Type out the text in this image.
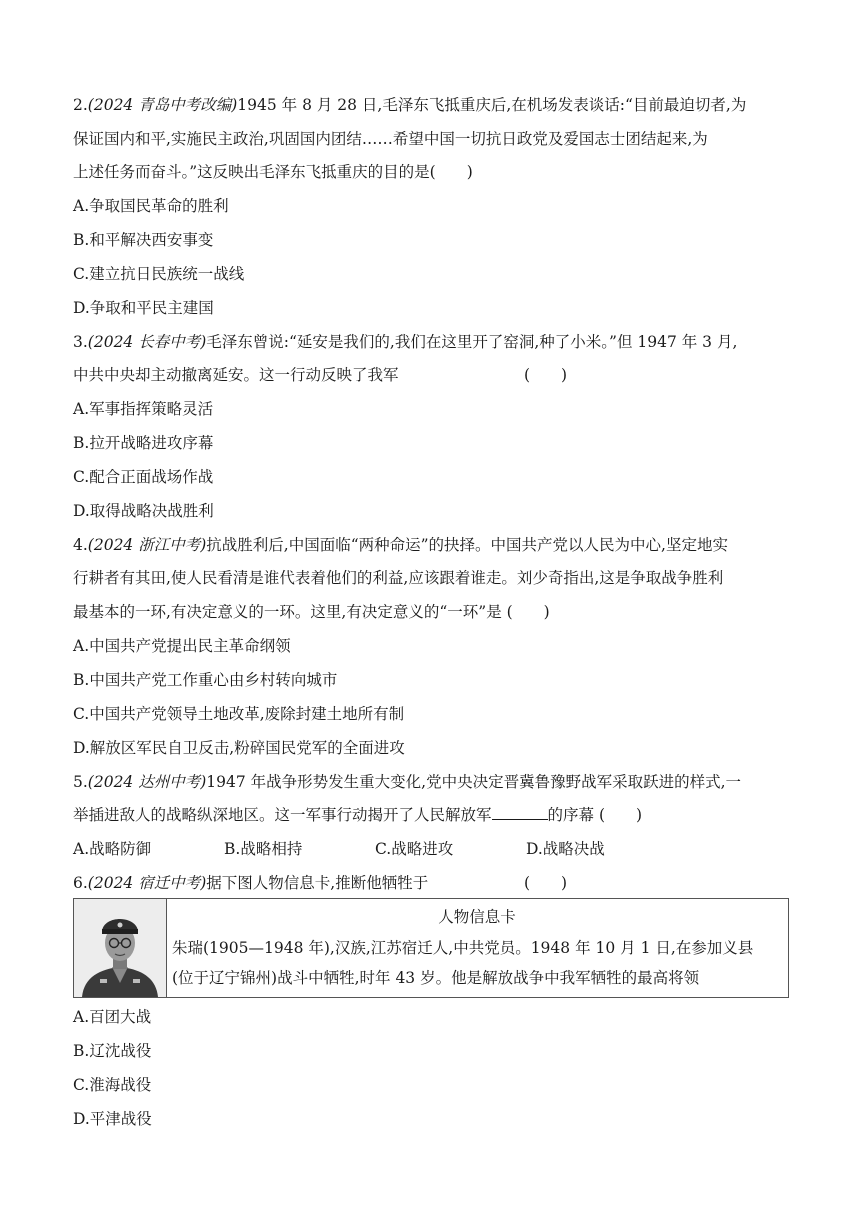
2.(2024 青岛中考改编)1945 年 8 月 28 日,毛泽东飞抵重庆后,在机场发表谈话:“目前最迫切者,为
保证国内和平,实施民主政治,巩固国内团结……希望中国一切抗日政党及爱国志士团结起来,为
上述任务而奋斗。”这反映出毛泽东飞抵重庆的目的是(　　)
A.争取国民革命的胜利
B.和平解决西安事变
C.建立抗日民族统一战线
D.争取和平民主建国
3.(2024 长春中考)毛泽东曾说:“延安是我们的,我们在这里开了窑洞,种了小米。”但 1947 年 3 月,
中共中央却主动撤离延安。这一行动反映了我军	(　　)
A.军事指挥策略灵活
B.拉开战略进攻序幕
C.配合正面战场作战
D.取得战略决战胜利
4.(2024 浙江中考)抗战胜利后,中国面临“两种命运”的抉择。中国共产党以人民为中心,坚定地实
行耕者有其田,使人民看清是谁代表着他们的利益,应该跟着谁走。刘少奇指出,这是争取战争胜利
最基本的一环,有决定意义的一环。这里,有决定意义的“一环”是 (　　)
A.中国共产党提出民主革命纲领
B.中国共产党工作重心由乡村转向城市
C.中国共产党领导土地改革,废除封建土地所有制
D.解放区军民自卫反击,粉碎国民党军的全面进攻
5.(2024 达州中考)1947 年战争形势发生重大变化,党中央决定晋冀鲁豫野战军采取跃进的样式,一
举插进敌人的战略纵深地区。这一军事行动揭开了人民解放军	的序幕 (　　)
A.战略防御	B.战略相持	C.战略进攻	D.战略决战
6.(2024 宿迁中考)据下图人物信息卡,推断他牺牲于	(　　)
人物信息卡
朱瑞(1905—1948 年),汉族,江苏宿迁人,中共党员。1948 年 10 月 1 日,在参加义县
(位于辽宁锦州)战斗中牺牲,时年 43 岁。他是解放战争中我军牺牲的最高将领
A.百团大战
B.辽沈战役
C.淮海战役
D.平津战役
